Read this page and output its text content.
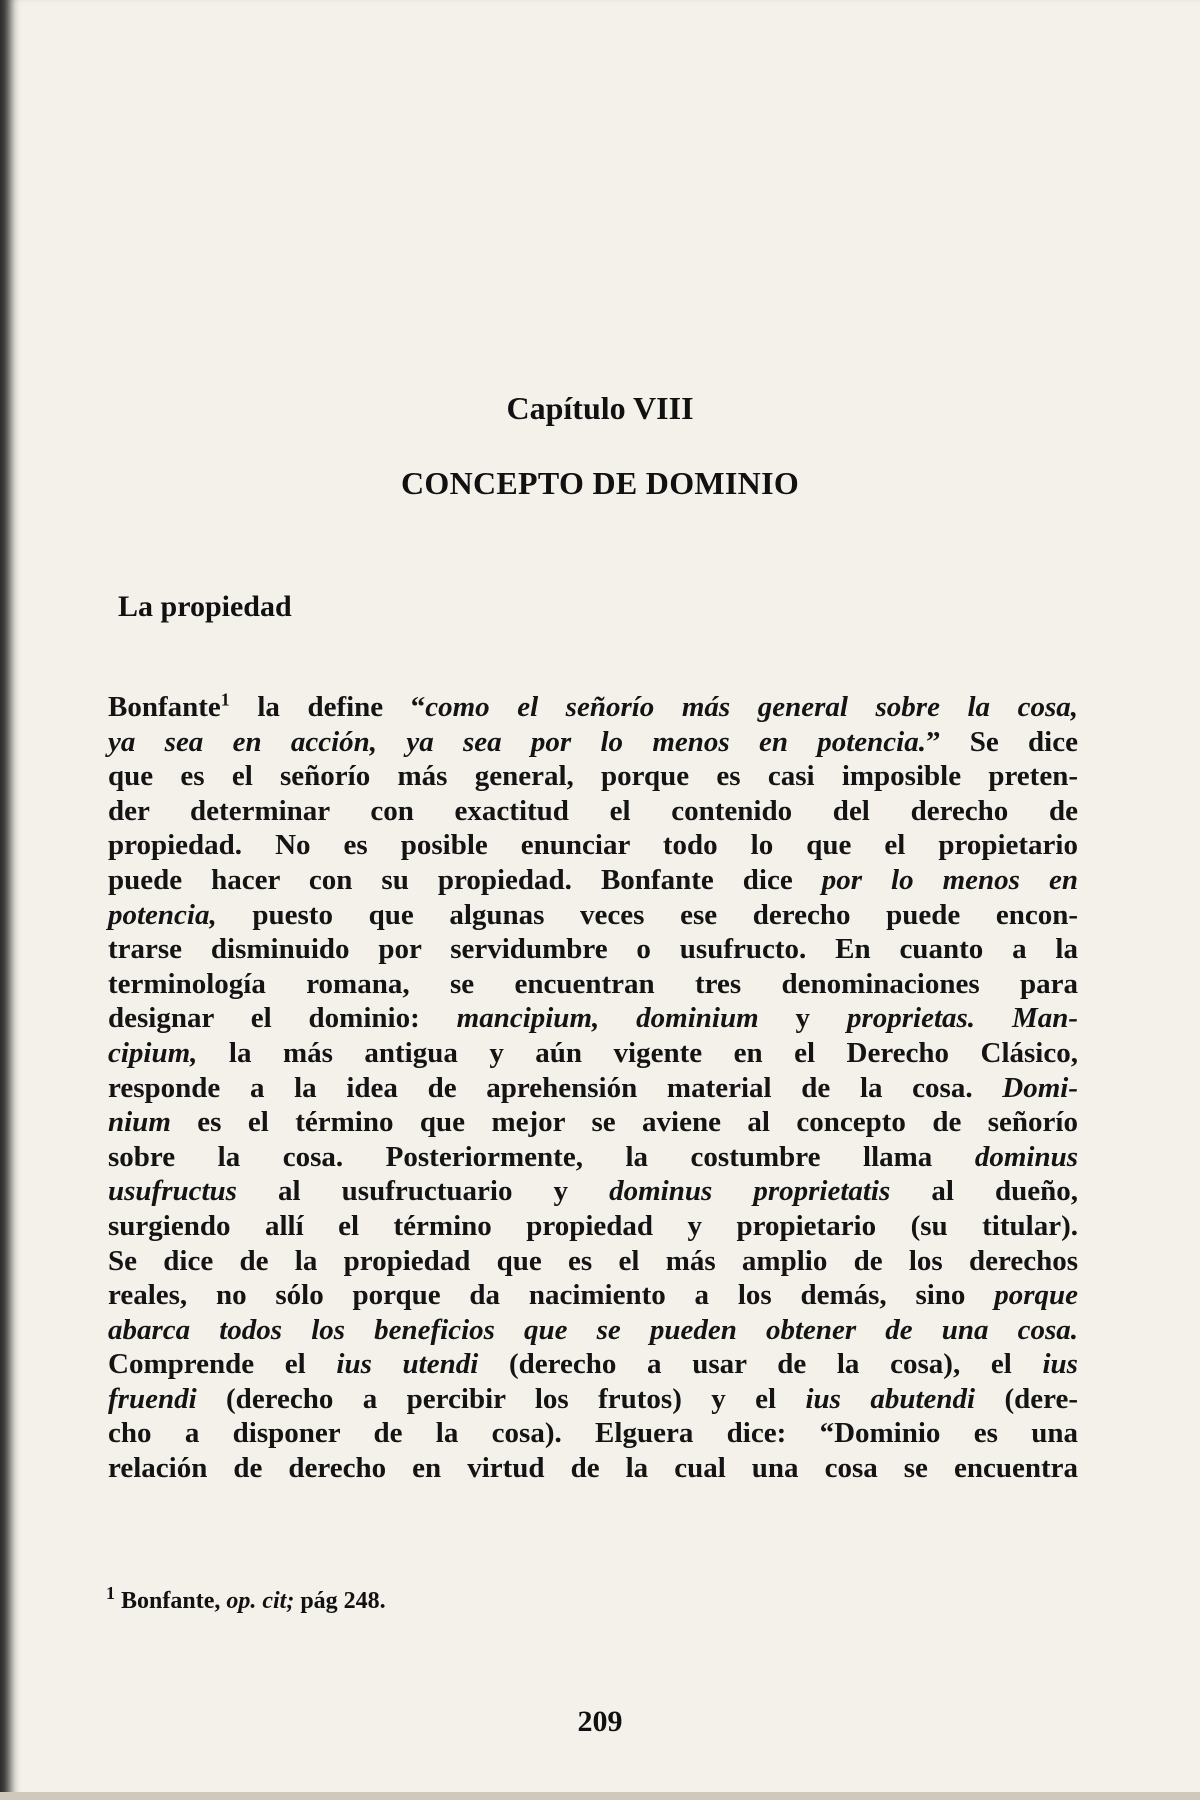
Capítulo VIII
CONCEPTO DE DOMINIO
La propiedad
Bonfante$^1$ la define “como el señorío más general sobre la cosa,
ya sea en acción, ya sea por lo menos en potencia.” Se dice
que es el señorío más general, porque es casi imposible preten-
der determinar con exactitud el contenido del derecho de
propiedad. No es posible enunciar todo lo que el propietario
puede hacer con su propiedad. Bonfante dice por lo menos en
potencia, puesto que algunas veces ese derecho puede encon-
trarse disminuido por servidumbre o usufructo. En cuanto a la
terminología romana, se encuentran tres denominaciones para
designar el dominio: mancipium, dominium y proprietas. Man-
cipium, la más antigua y aún vigente en el Derecho Clásico,
responde a la idea de aprehensión material de la cosa. Domi-
nium es el término que mejor se aviene al concepto de señorío
sobre la cosa. Posteriormente, la costumbre llama dominus
usufructus al usufructuario y dominus proprietatis al dueño,
surgiendo allí el término propiedad y propietario (su titular).
Se dice de la propiedad que es el más amplio de los derechos
reales, no sólo porque da nacimiento a los demás, sino porque
abarca todos los beneficios que se pueden obtener de una cosa.
Comprende el ius utendi (derecho a usar de la cosa), el ius
fruendi (derecho a percibir los frutos) y el ius abutendi (dere-
cho a disponer de la cosa). Elguera dice: “Dominio es una
relación de derecho en virtud de la cual una cosa se encuentra
$^1$ Bonfante, op. cit; pág 248.
209
